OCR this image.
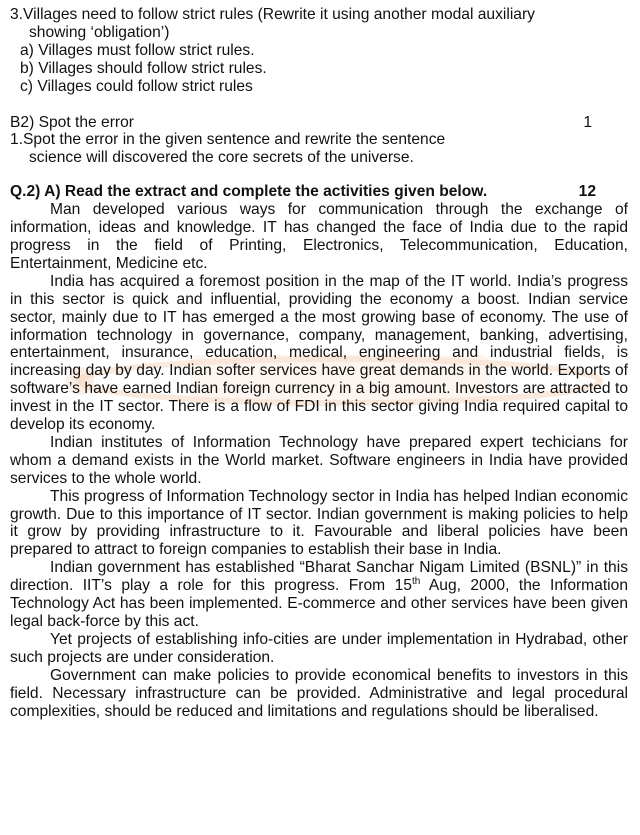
3.Villages need to follow strict rules (Rewrite it using another modal auxiliary
showing ‘obligation’)
a) Villages must follow strict rules.
b) Villages should follow strict rules.
c) Villages could follow strict rules
B2) Spot the error	1
1.Spot the error in the given sentence and rewrite the sentence
science will discovered the core secrets of the universe.
Q.2) A) Read the extract and complete the activities given below.	12
Man developed various ways for communication through the exchange of information, ideas and knowledge. IT has changed the face of India due to the rapid progress in the field of Printing, Electronics, Telecommunication, Education, Entertainment, Medicine etc.
India has acquired a foremost position in the map of the IT world. India’s progress in this sector is quick and influential, providing the economy a boost. Indian service sector, mainly due to IT has emerged a the most growing base of economy. The use of information technology in governance, company, management, banking, advertising, entertainment, insurance, education, medical, engineering and industrial fields, is increasing day by day. Indian softer services have great demands in the world. Exports of software’s have earned Indian foreign currency in a big amount. Investors are attracted to invest in the IT sector. There is a flow of FDI in this sector giving India required capital to develop its economy.
Indian institutes of Information Technology have prepared expert techicians for whom a demand exists in the World market. Software engineers in India have provided services to the whole world.
This progress of Information Technology sector in India has helped Indian economic growth. Due to this importance of IT sector. Indian government is making policies to help it grow by providing infrastructure to it. Favourable and liberal policies have been prepared to attract to foreign companies to establish their base in India.
Indian government has established “Bharat Sanchar Nigam Limited (BSNL)” in this direction. IIT’s play a role for this progress. From 15th Aug, 2000, the Information Technology Act has been implemented. E-commerce and other services have been given legal back-force by this act.
Yet projects of establishing info-cities are under implementation in Hydrabad, other such projects are under consideration.
Government can make policies to provide economical benefits to investors in this field. Necessary infrastructure can be provided. Administrative and legal procedural complexities, should be reduced and limitations and regulations should be liberalised.
